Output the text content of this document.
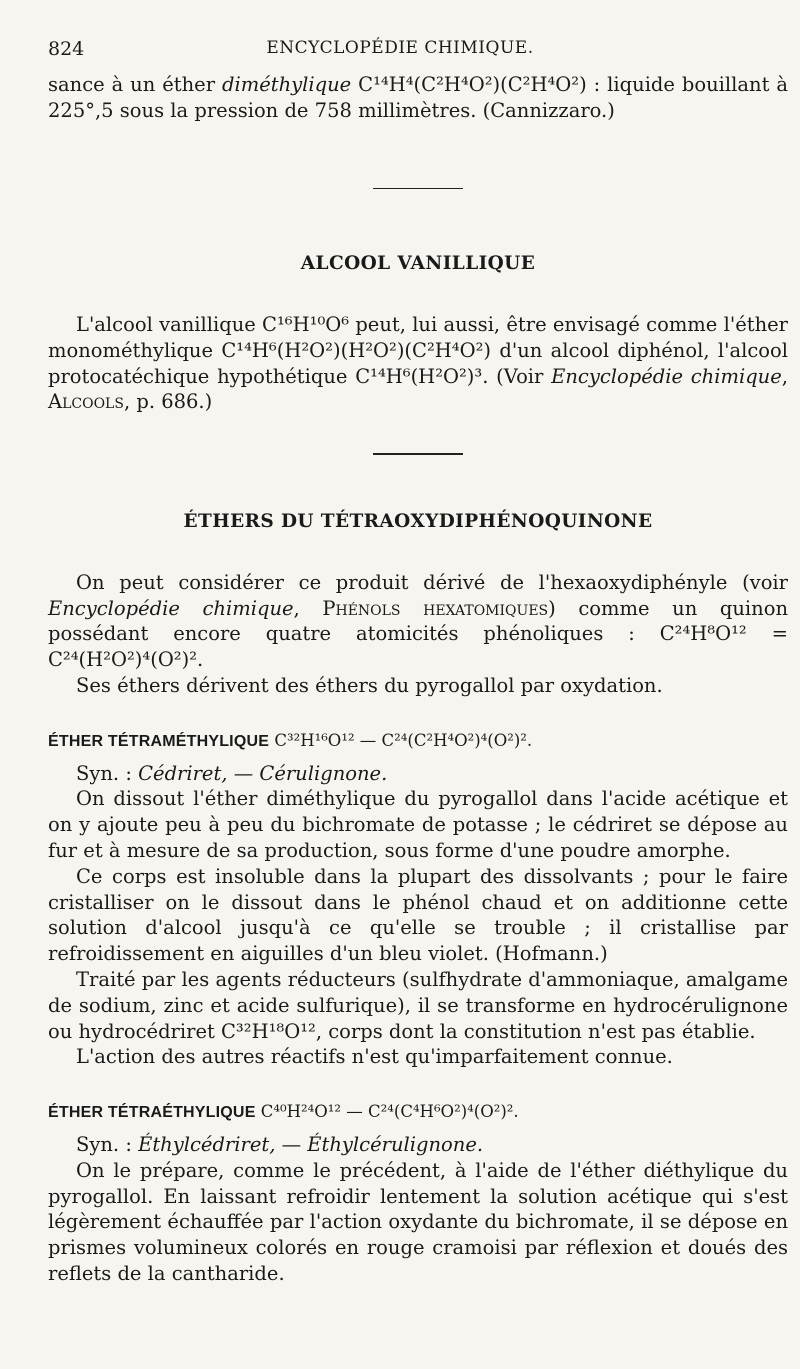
824	ENCYCLOPÉDIE CHIMIQUE.

sance à un éther diméthylique C¹⁴H⁴(C²H⁴O²)(C²H⁴O²) : liquide bouillant à 225°,5 sous la pression de 758 millimètres. (Cannizzaro.)

ALCOOL VANILLIQUE

L'alcool vanillique C¹⁶H¹⁰O⁶ peut, lui aussi, être envisagé comme l'éther monométhylique C¹⁴H⁶(H²O²)(H²O²)(C²H⁴O²) d'un alcool diphénol, l'alcool protocatéchique hypothétique C¹⁴H⁶(H²O²)³. (Voir Encyclopédie chimique, Alcools, p. 686.)

ÉTHERS DU TÉTRAOXYDIPHÉNOQUINONE

On peut considérer ce produit dérivé de l'hexaoxydiphényle (voir Encyclopédie chimique, Phénols hexatomiques) comme un quinon possédant encore quatre atomicités phénoliques : C²⁴H⁸O¹² = C²⁴(H²O²)⁴(O²)².

Ses éthers dérivent des éthers du pyrogallol par oxydation.

ÉTHER TÉTRAMÉTHYLIQUE C³²H¹⁶O¹² — C²⁴(C²H⁴O²)⁴(O²)².

Syn. : Cédriret, — Cérulignone.

On dissout l'éther diméthylique du pyrogallol dans l'acide acétique et on y ajoute peu à peu du bichromate de potasse ; le cédriret se dépose au fur et à mesure de sa production, sous forme d'une poudre amorphe.

Ce corps est insoluble dans la plupart des dissolvants ; pour le faire cristalliser on le dissout dans le phénol chaud et on additionne cette solution d'alcool jusqu'à ce qu'elle se trouble ; il cristallise par refroidissement en aiguilles d'un bleu violet. (Hofmann.)

Traité par les agents réducteurs (sulfhydrate d'ammoniaque, amalgame de sodium, zinc et acide sulfurique), il se transforme en hydrocérulignone ou hydrocédriret C³²H¹⁸O¹², corps dont la constitution n'est pas établie.

L'action des autres réactifs n'est qu'imparfaitement connue.

ÉTHER TÉTRAÉTHYLIQUE C⁴⁰H²⁴O¹² — C²⁴(C⁴H⁶O²)⁴(O²)².

Syn. : Éthylcédriret, — Éthylcérulignone.

On le prépare, comme le précédent, à l'aide de l'éther diéthylique du pyrogallol. En laissant refroidir lentement la solution acétique qui s'est légèrement échauffée par l'action oxydante du bichromate, il se dépose en prismes volumineux colorés en rouge cramoisi par réflexion et doués des reflets de la cantharide.
